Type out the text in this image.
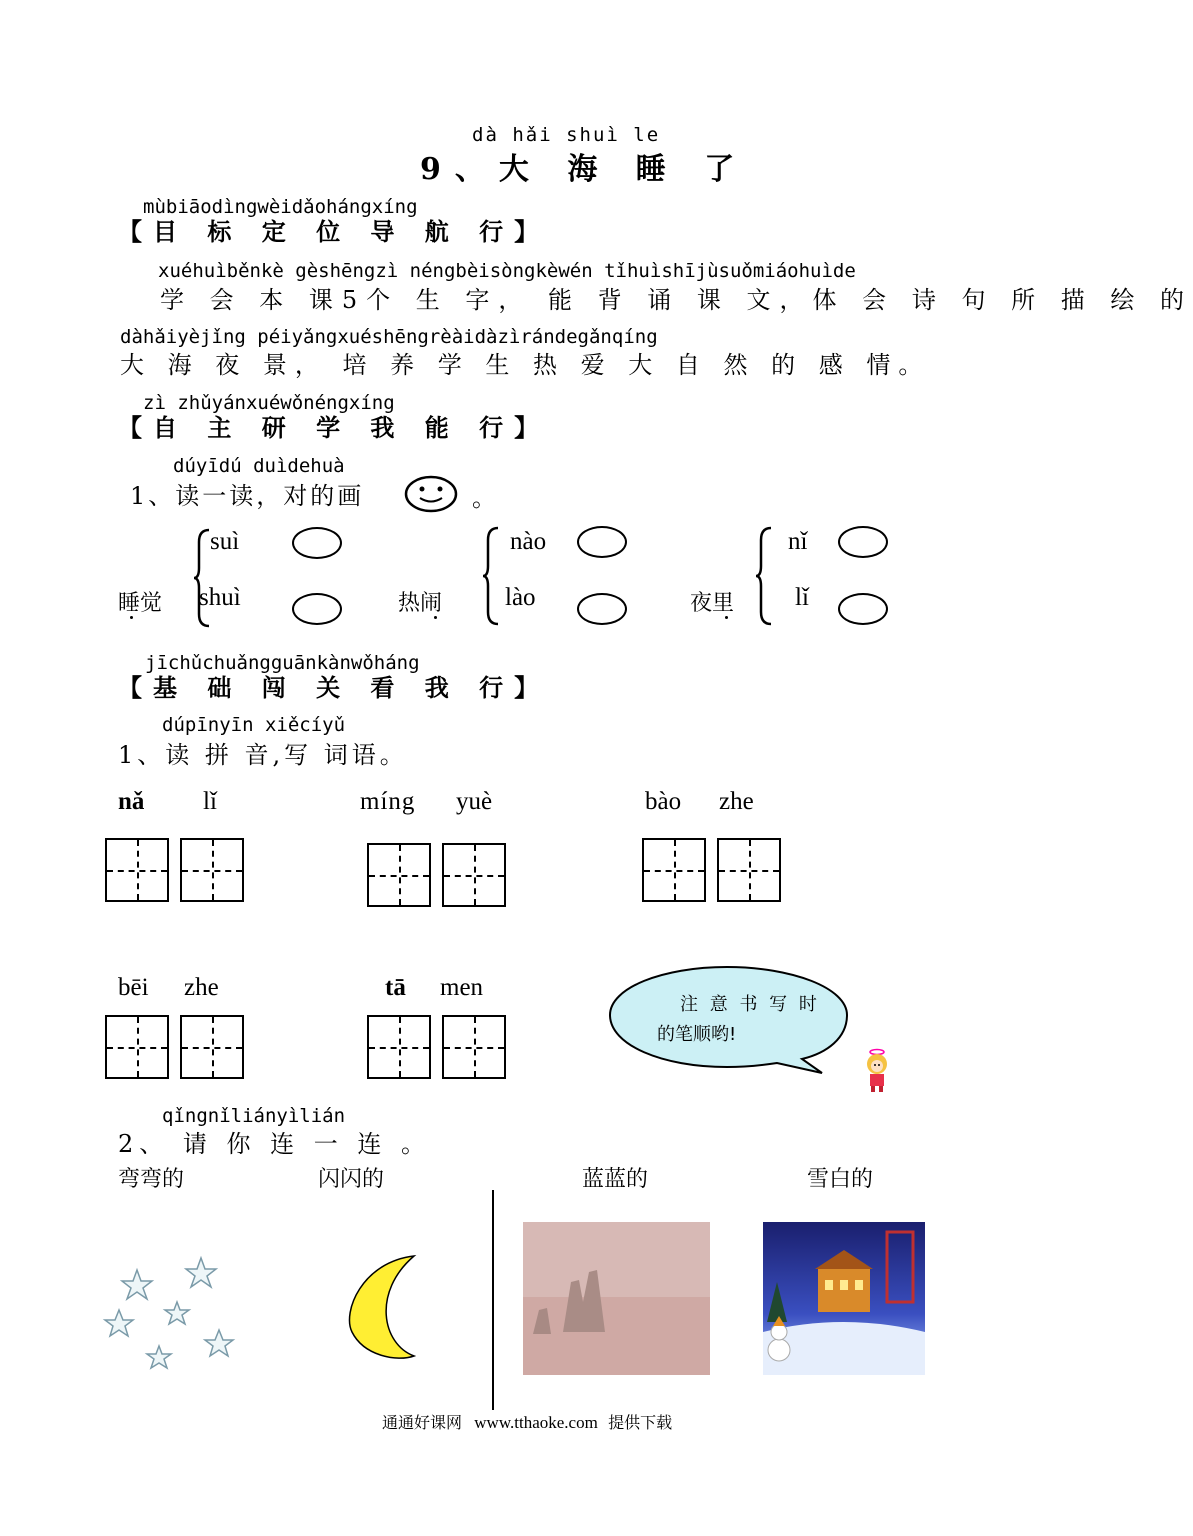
dà hǎi shuì le
9、大 海 睡 了
mùbiāodìngwèidǎohángxíng
【目 标 定 位 导 航 行】
xuéhuìběnkè gèshēngzì néngbèisòngkèwén tǐhuìshījùsuǒmiáohuìde
学 会 本 课5个 生 字， 能 背 诵 课 文，体 会 诗 句 所 描 绘 的
dàhǎiyèjǐng péiyǎngxuéshēngrèàidàzìrándegǎnqíng
大 海 夜 景， 培 养 学 生 热 爱 大 自 然 的 感 情。
zì zhǔyánxuéwǒnéngxíng
【自 主 研 学 我 能 行】
dúyīdú duìdehuà
1、读一读，对的画	。
睡觉
suì
shuì	热闹
nào
lào	夜里
nǐ
lǐ
jīchǔchuǎngguānkànwǒháng
【基 础 闯 关 看 我 行】
dúpīnyīn xiěcíyǔ
1、读 拼 音,写 词语。
nǎ lǐ	míng yuè	bào zhe
bēi zhe	tā men
注 意 书 写 时
的笔顺哟!
qǐngnǐliányìlián
2、 请 你 连 一 连 。
弯弯的	闪闪的	蓝蓝的	雪白的
通通好课网 www.tthaoke.com 提供下载
